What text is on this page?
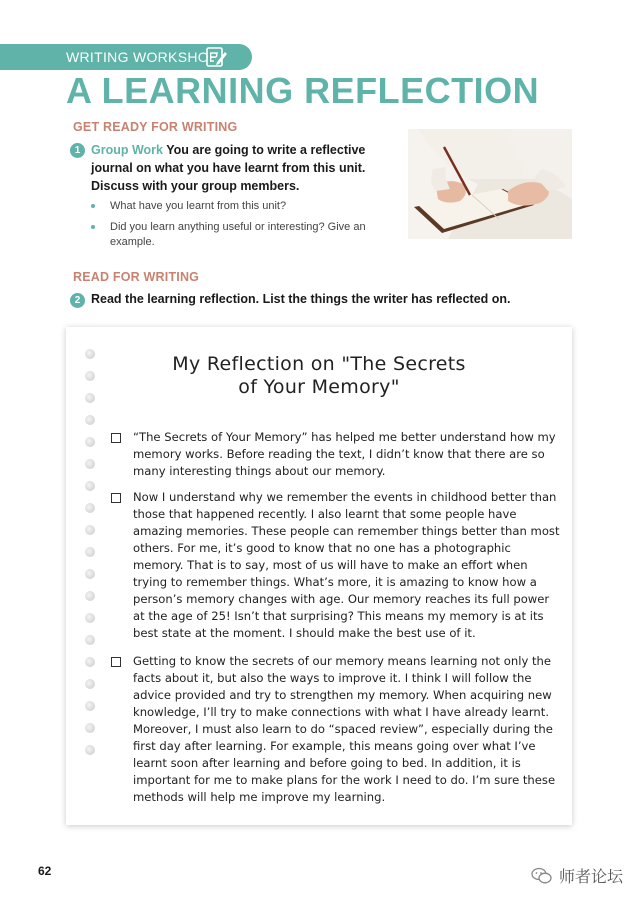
WRITING WORKSHOP
A LEARNING REFLECTION
GET READY FOR WRITING
1 Group Work You are going to write a reflective journal on what you have learnt from this unit. Discuss with your group members.
What have you learnt from this unit?
Did you learn anything useful or interesting? Give an example.
READ FOR WRITING
2 Read the learning reflection. List the things the writer has reflected on.
My Reflection on "The Secrets
of Your Memory"
“The Secrets of Your Memory” has helped me better understand how my memory works. Before reading the text, I didn’t know that there are so many interesting things about our memory.
Now I understand why we remember the events in childhood better than those that happened recently. I also learnt that some people have amazing memories. These people can remember things better than most others. For me, it’s good to know that no one has a photographic memory. That is to say, most of us will have to make an effort when trying to remember things. What’s more, it is amazing to know how a person’s memory changes with age. Our memory reaches its full power at the age of 25! Isn’t that surprising? This means my memory is at its best state at the moment. I should make the best use of it.
Getting to know the secrets of our memory means learning not only the facts about it, but also the ways to improve it. I think I will follow the advice provided and try to strengthen my memory. When acquiring new knowledge, I’ll try to make connections with what I have already learnt. Moreover, I must also learn to do “spaced review”, especially during the first day after learning. For example, this means going over what I’ve learnt soon after learning and before going to bed. In addition, it is important for me to make plans for the work I need to do. I’m sure these methods will help me improve my learning.
62	师者论坛
